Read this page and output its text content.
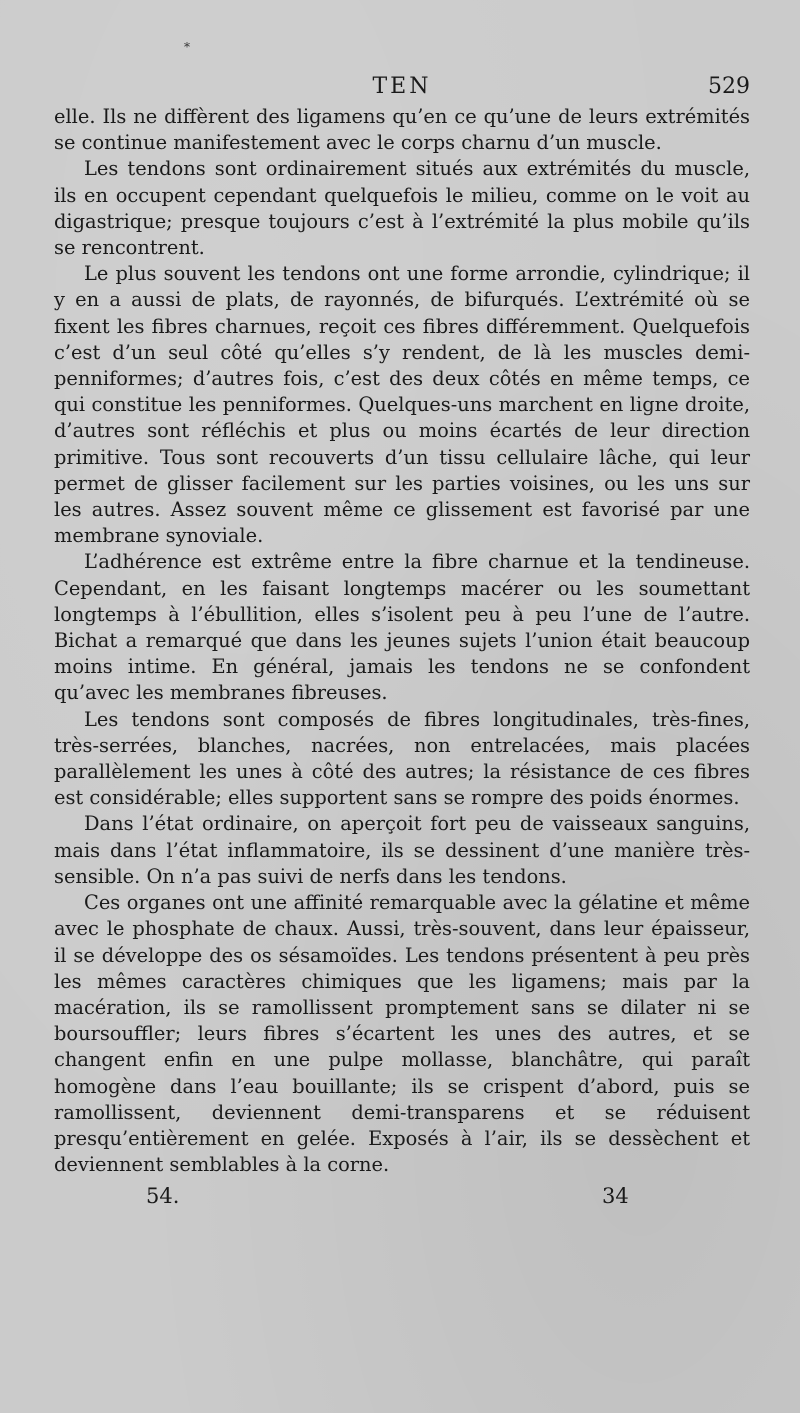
*
TEN	529

elle. Ils ne diffèrent des ligamens qu’en ce qu’une de leurs extrémités se continue manifestement avec le corps charnu d’un muscle.

Les tendons sont ordinairement situés aux extrémités du muscle, ils en occupent cependant quelquefois le milieu, comme on le voit au digastrique; presque toujours c’est à l’extrémité la plus mobile qu’ils se rencontrent.

Le plus souvent les tendons ont une forme arrondie, cylindrique; il y en a aussi de plats, de rayonnés, de bifurqués. L’extrémité où se fixent les fibres charnues, reçoit ces fibres différemment. Quelquefois c’est d’un seul côté qu’elles s’y rendent, de là les muscles demi-penniformes; d’autres fois, c’est des deux côtés en même temps, ce qui constitue les penniformes. Quelques-uns marchent en ligne droite, d’autres sont réfléchis et plus ou moins écartés de leur direction primitive. Tous sont recouverts d’un tissu cellulaire lâche, qui leur permet de glisser facilement sur les parties voisines, ou les uns sur les autres. Assez souvent même ce glissement est favorisé par une membrane synoviale.

L’adhérence est extrême entre la fibre charnue et la tendineuse. Cependant, en les faisant longtemps macérer ou les soumettant longtemps à l’ébullition, elles s’isolent peu à peu l’une de l’autre. Bichat a remarqué que dans les jeunes sujets l’union était beaucoup moins intime. En général, jamais les tendons ne se confondent qu’avec les membranes fibreuses.

Les tendons sont composés de fibres longitudinales, très-fines, très-serrées, blanches, nacrées, non entrelacées, mais placées parallèlement les unes à côté des autres; la résistance de ces fibres est considérable; elles supportent sans se rompre des poids énormes.

Dans l’état ordinaire, on aperçoit fort peu de vaisseaux sanguins, mais dans l’état inflammatoire, ils se dessinent d’une manière très-sensible. On n’a pas suivi de nerfs dans les tendons.

Ces organes ont une affinité remarquable avec la gélatine et même avec le phosphate de chaux. Aussi, très-souvent, dans leur épaisseur, il se développe des os sésamoïdes. Les tendons présentent à peu près les mêmes caractères chimiques que les ligamens; mais par la macération, ils se ramollissent promptement sans se dilater ni se boursouffler; leurs fibres s’écartent les unes des autres, et se changent enfin en une pulpe mollasse, blanchâtre, qui paraît homogène dans l’eau bouillante; ils se crispent d’abord, puis se ramollissent, deviennent demi-transparens et se réduisent presqu’entièrement en gelée. Exposés à l’air, ils se dessèchent et deviennent semblables à la corne.

54.	34
